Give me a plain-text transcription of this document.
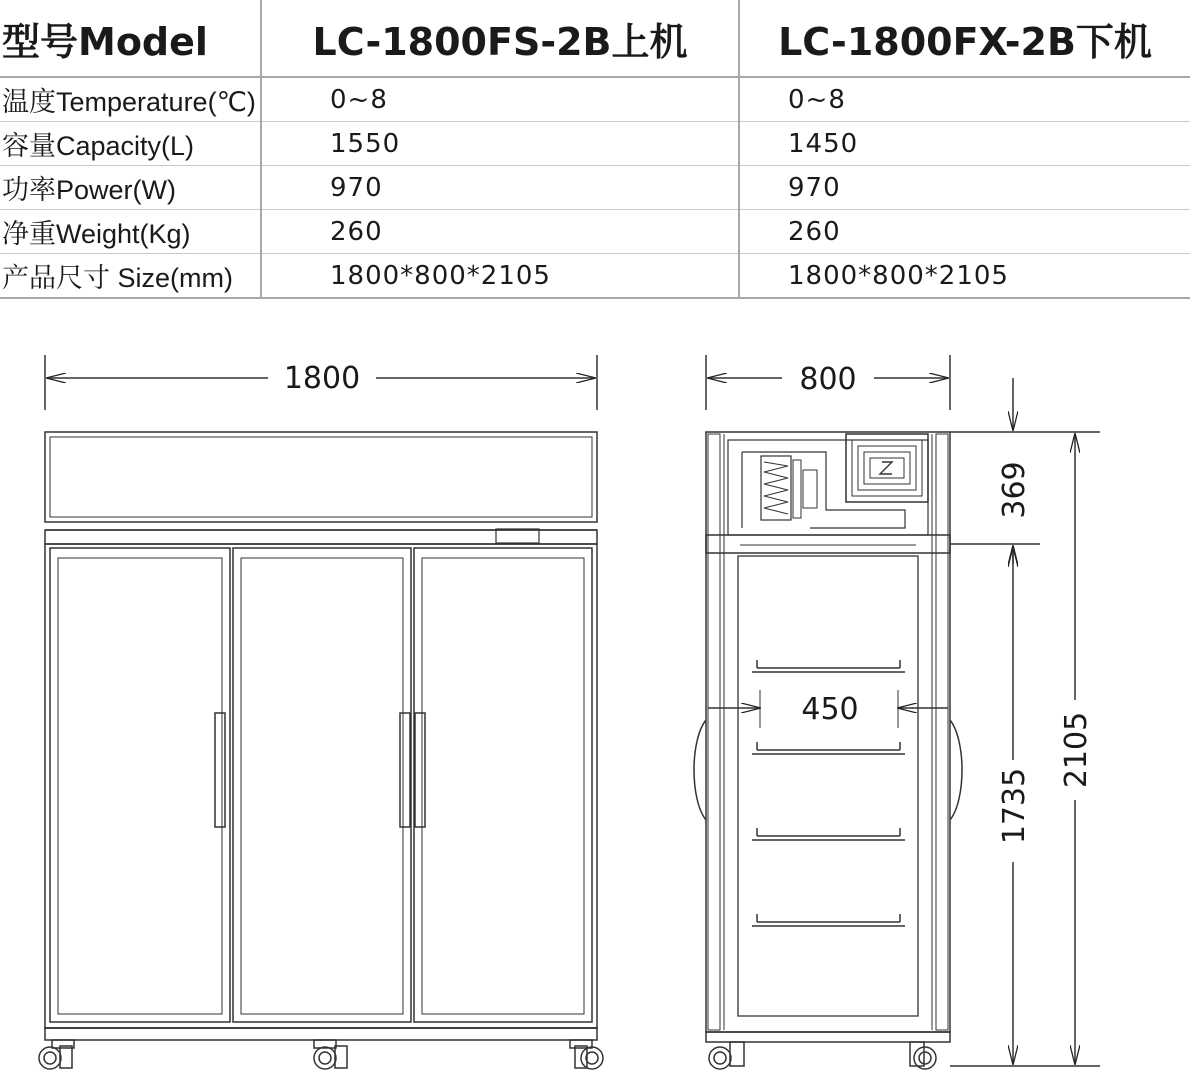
型号Model	LC-1800FS-2B上机	LC-1800FX-2B下机
温度Temperature(℃)	0~8	0~8
容量Capacity(L)	1550	1450
功率Power(W)	970	970
净重Weight(Kg)	260	260
产品尺寸 Size(mm)	1800*800*2105	1800*800*2105
1800	800
450
369
1735
2105
